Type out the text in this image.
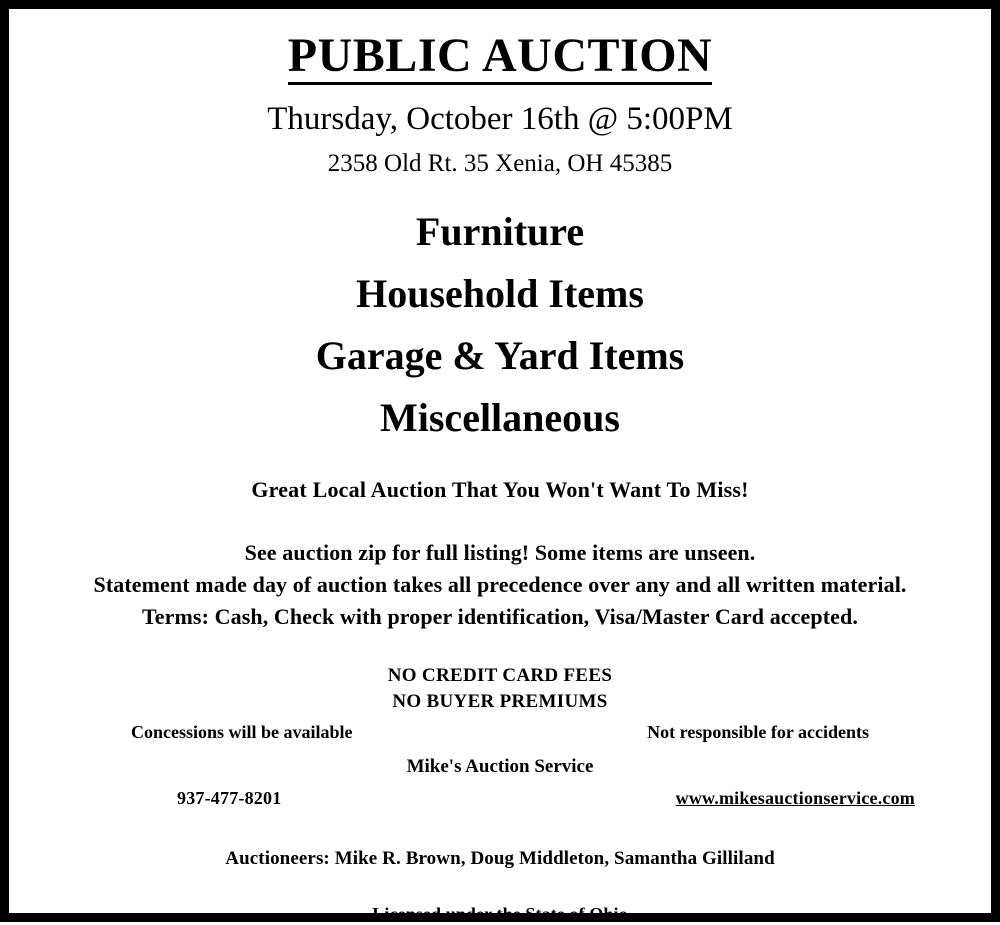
PUBLIC AUCTION
Thursday, October 16th @ 5:00PM
2358 Old Rt. 35 Xenia, OH 45385
Furniture
Household Items
Garage & Yard Items
Miscellaneous
Great Local Auction That You Won't Want To Miss!
See auction zip for full listing! Some items are unseen.
Statement made day of auction takes all precedence over any and all written material.
Terms: Cash, Check with proper identification, Visa/Master Card accepted.
NO CREDIT CARD FEES
NO BUYER PREMIUMS
Concessions will be available	Not responsible for accidents
Mike's Auction Service
937-477-8201	www.mikesauctionservice.com
Auctioneers: Mike R. Brown, Doug Middleton, Samantha Gilliland
Licensed under the State of Ohio
